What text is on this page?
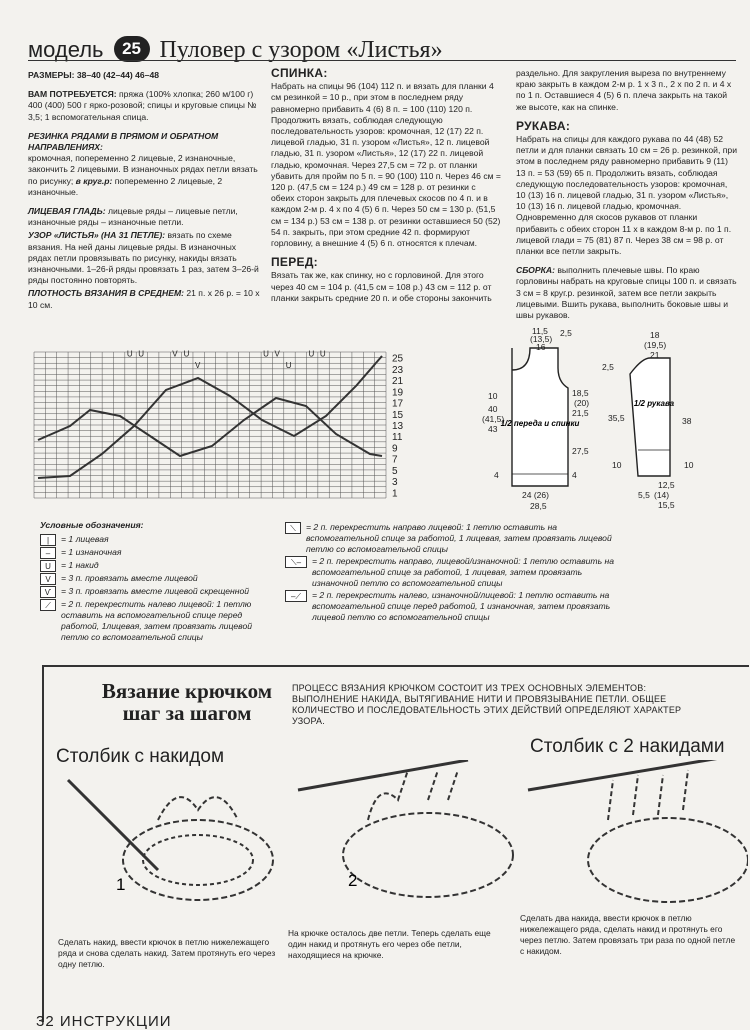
модель 25 Пуловер с узором «Листья»

РАЗМЕРЫ: 38–40 (42–44) 46–48

ВАМ ПОТРЕБУЕТСЯ: пряжа (100% хлопка; 260 м/100 г) 400 (400) 500 г ярко-розовой; спицы и круговые спицы № 3,5; 1 вспомогательная спица.

РЕЗИНКА РЯДАМИ В ПРЯМОМ И ОБРАТНОМ НАПРАВЛЕНИЯХ:
кромочная, попеременно 2 лицевые, 2 изнаночные, закончить 2 лицевыми. В изнаночных рядах петли вязать по рисунку; в круг.р: попеременно 2 лицевые, 2 изнаночные.

ЛИЦЕВАЯ ГЛАДЬ: лицевые ряды – лицевые петли, изнаночные ряды – изнаночные петли.

УЗОР «ЛИСТЬЯ» (НА 31 ПЕТЛЕ): вязать по схеме вязания. На ней даны лицевые ряды. В изнаночных рядах петли провязывать по рисунку, накиды вязать изнаночными. 1–26-й ряды провязать 1 раз, затем 3–26-й ряды постоянно повторять.

ПЛОТНОСТЬ ВЯЗАНИЯ В СРЕДНЕМ: 21 п. х 26 р. = 10 х 10 см.

СПИНКА:

Набрать на спицы 96 (104) 112 п. и вязать для планки 4 см резинкой = 10 р., при этом в последнем ряду равномерно прибавить 4 (6) 8 п. = 100 (110) 120 п. Продолжить вязать, соблюдая следующую последовательность узоров: кромочная, 12 (17) 22 п. лицевой гладью, 31 п. узором «Листья», 12 п. лицевой гладью, 31 п. узором «Листья», 12 (17) 22 п. лицевой гладью, кромочная. Через 27,5 см = 72 р. от планки убавить для пройм по 5 п. = 90 (100) 110 п. Через 46 см = 120 р. (47,5 см = 124 р.) 49 см = 128 р. от резинки с обеих сторон закрыть для плечевых скосов по 4 п. и в каждом 2-м р. 4 х по 4 (5) 6 п. Через 50 см = 130 р. (51,5 см = 134 р.) 53 см = 138 р. от резинки оставшиеся 50 (52) 54 п. закрыть, при этом средние 42 п. формируют горловину, а внешние 4 (5) 6 п. относятся к плечам.

ПЕРЕД:

Вязать так же, как спинку, но с горловиной. Для этого через 40 см = 104 р. (41,5 см = 108 р.) 43 см = 112 р. от планки закрыть средние 20 п. и обе стороны закончить

раздельно. Для закругления выреза по внутреннему краю закрыть в каждом 2-м р. 1 х 3 п., 2 х по 2 п. и 4 х по 1 п. Оставшиеся 4 (5) 6 п. плеча закрыть на такой же высоте, как на спинке.

РУКАВА:

Набрать на спицы для каждого рукава по 44 (48) 52 петли и для планки связать 10 см = 26 р. резинкой, при этом в последнем ряду равномерно прибавить 9 (11) 13 п. = 53 (59) 65 п. Продолжить вязать, соблюдая следующую последовательность узоров: кромочная, 10 (13) 16 п. лицевой гладью, 31 п. узором «Листья», 10 (13) 16 п. лицевой гладью, кромочная. Одновременно для скосов рукавов от планки прибавить с обеих сторон 11 х в каждом 8-м р. по 1 п. лицевой глади = 75 (81) 87 п. Через 38 см = 98 р. от планки все петли закрыть.

СБОРКА: выполнить плечевые швы. По краю горловины набрать на круговые спицы 100 п. и связать 3 см = 8 круг.р. резинкой, затем все петли закрыть лицевыми. Вшить рукава, выполнить боковые швы и швы рукавов.

U U	V U	U V	U U
V	U
25
23
21
19
17
15
13
11
9
7
5
3
1
1/2 переда и спинки
11,5
(13,5)
16
2,5
10
40
(41,5)
43
18,5
(20)
21,5
27,5
4	4
24 (26)
28,5
1/2 рукава
18
(19,5)
21
2,5
35,5	38
10	10
12,5
(14)
15,5
5,5
Условные обозначения:
|	= 1 лицевая
–	= 1 изнаночная
U	= 1 накид
V	= 3 п. провязать вместе лицевой
Ѵ	= 3 п. провязать вместе лицевой скрещенной
⟋	= 2 п. перекрестить налево лицевой: 1 петлю оставить на вспомогательной спице перед работой, 1лицевая, затем провязать лицевой петлю со вспомогательной спицы
⟍	= 2 п. перекрестить направо лицевой: 1 петлю оставить на вспомогательной спице за работой, 1 лицевая, затем провязать лицевой петлю со вспомогательной спицы
⟍–	= 2 п. перекрестить направо, лицевой/изнаночной: 1 петлю оставить на вспомогательной спице за работой, 1 лицевая, затем провязать изнаночной петлю со вспомогательной спицы
–⟋	= 2 п. перекрестить налево, изнаночной/лицевой: 1 петлю оставить на вспомогательной спице перед работой, 1 изнаночная, затем провязать лицевой петлю со вспомогательной спицы
Вязание крючком
шаг за шагом
ПРОЦЕСС ВЯЗАНИЯ КРЮЧКОМ СОСТОИТ ИЗ ТРЕХ ОСНОВНЫХ ЭЛЕМЕНТОВ: ВЫПОЛНЕНИЕ НАКИДА, ВЫТЯГИВАНИЕ НИТИ И ПРОВЯЗЫВАНИЕ ПЕТЛИ. ОБЩЕЕ КОЛИЧЕСТВО И ПОСЛЕДОВАТЕЛЬНОСТЬ ЭТИХ ДЕЙСТВИЙ ОПРЕДЕЛЯЮТ ХАРАКТЕР УЗОРА.
Столбик с накидом	Столбик с 2 накидами
1	2
Сделать накид, ввести крючок в петлю нижележащего ряда и снова сделать накид. Затем протянуть его через одну петлю.
На крючке осталось две петли. Теперь сделать еще один накид и протянуть его через обе петли, находящиеся на крючке.
Сделать два накида, ввести крючок в петлю нижележащего ряда, сделать накид и протянуть его через петлю. Затем провязать три раза по одной петле с накидом.
32 ИНСТРУКЦИИ
